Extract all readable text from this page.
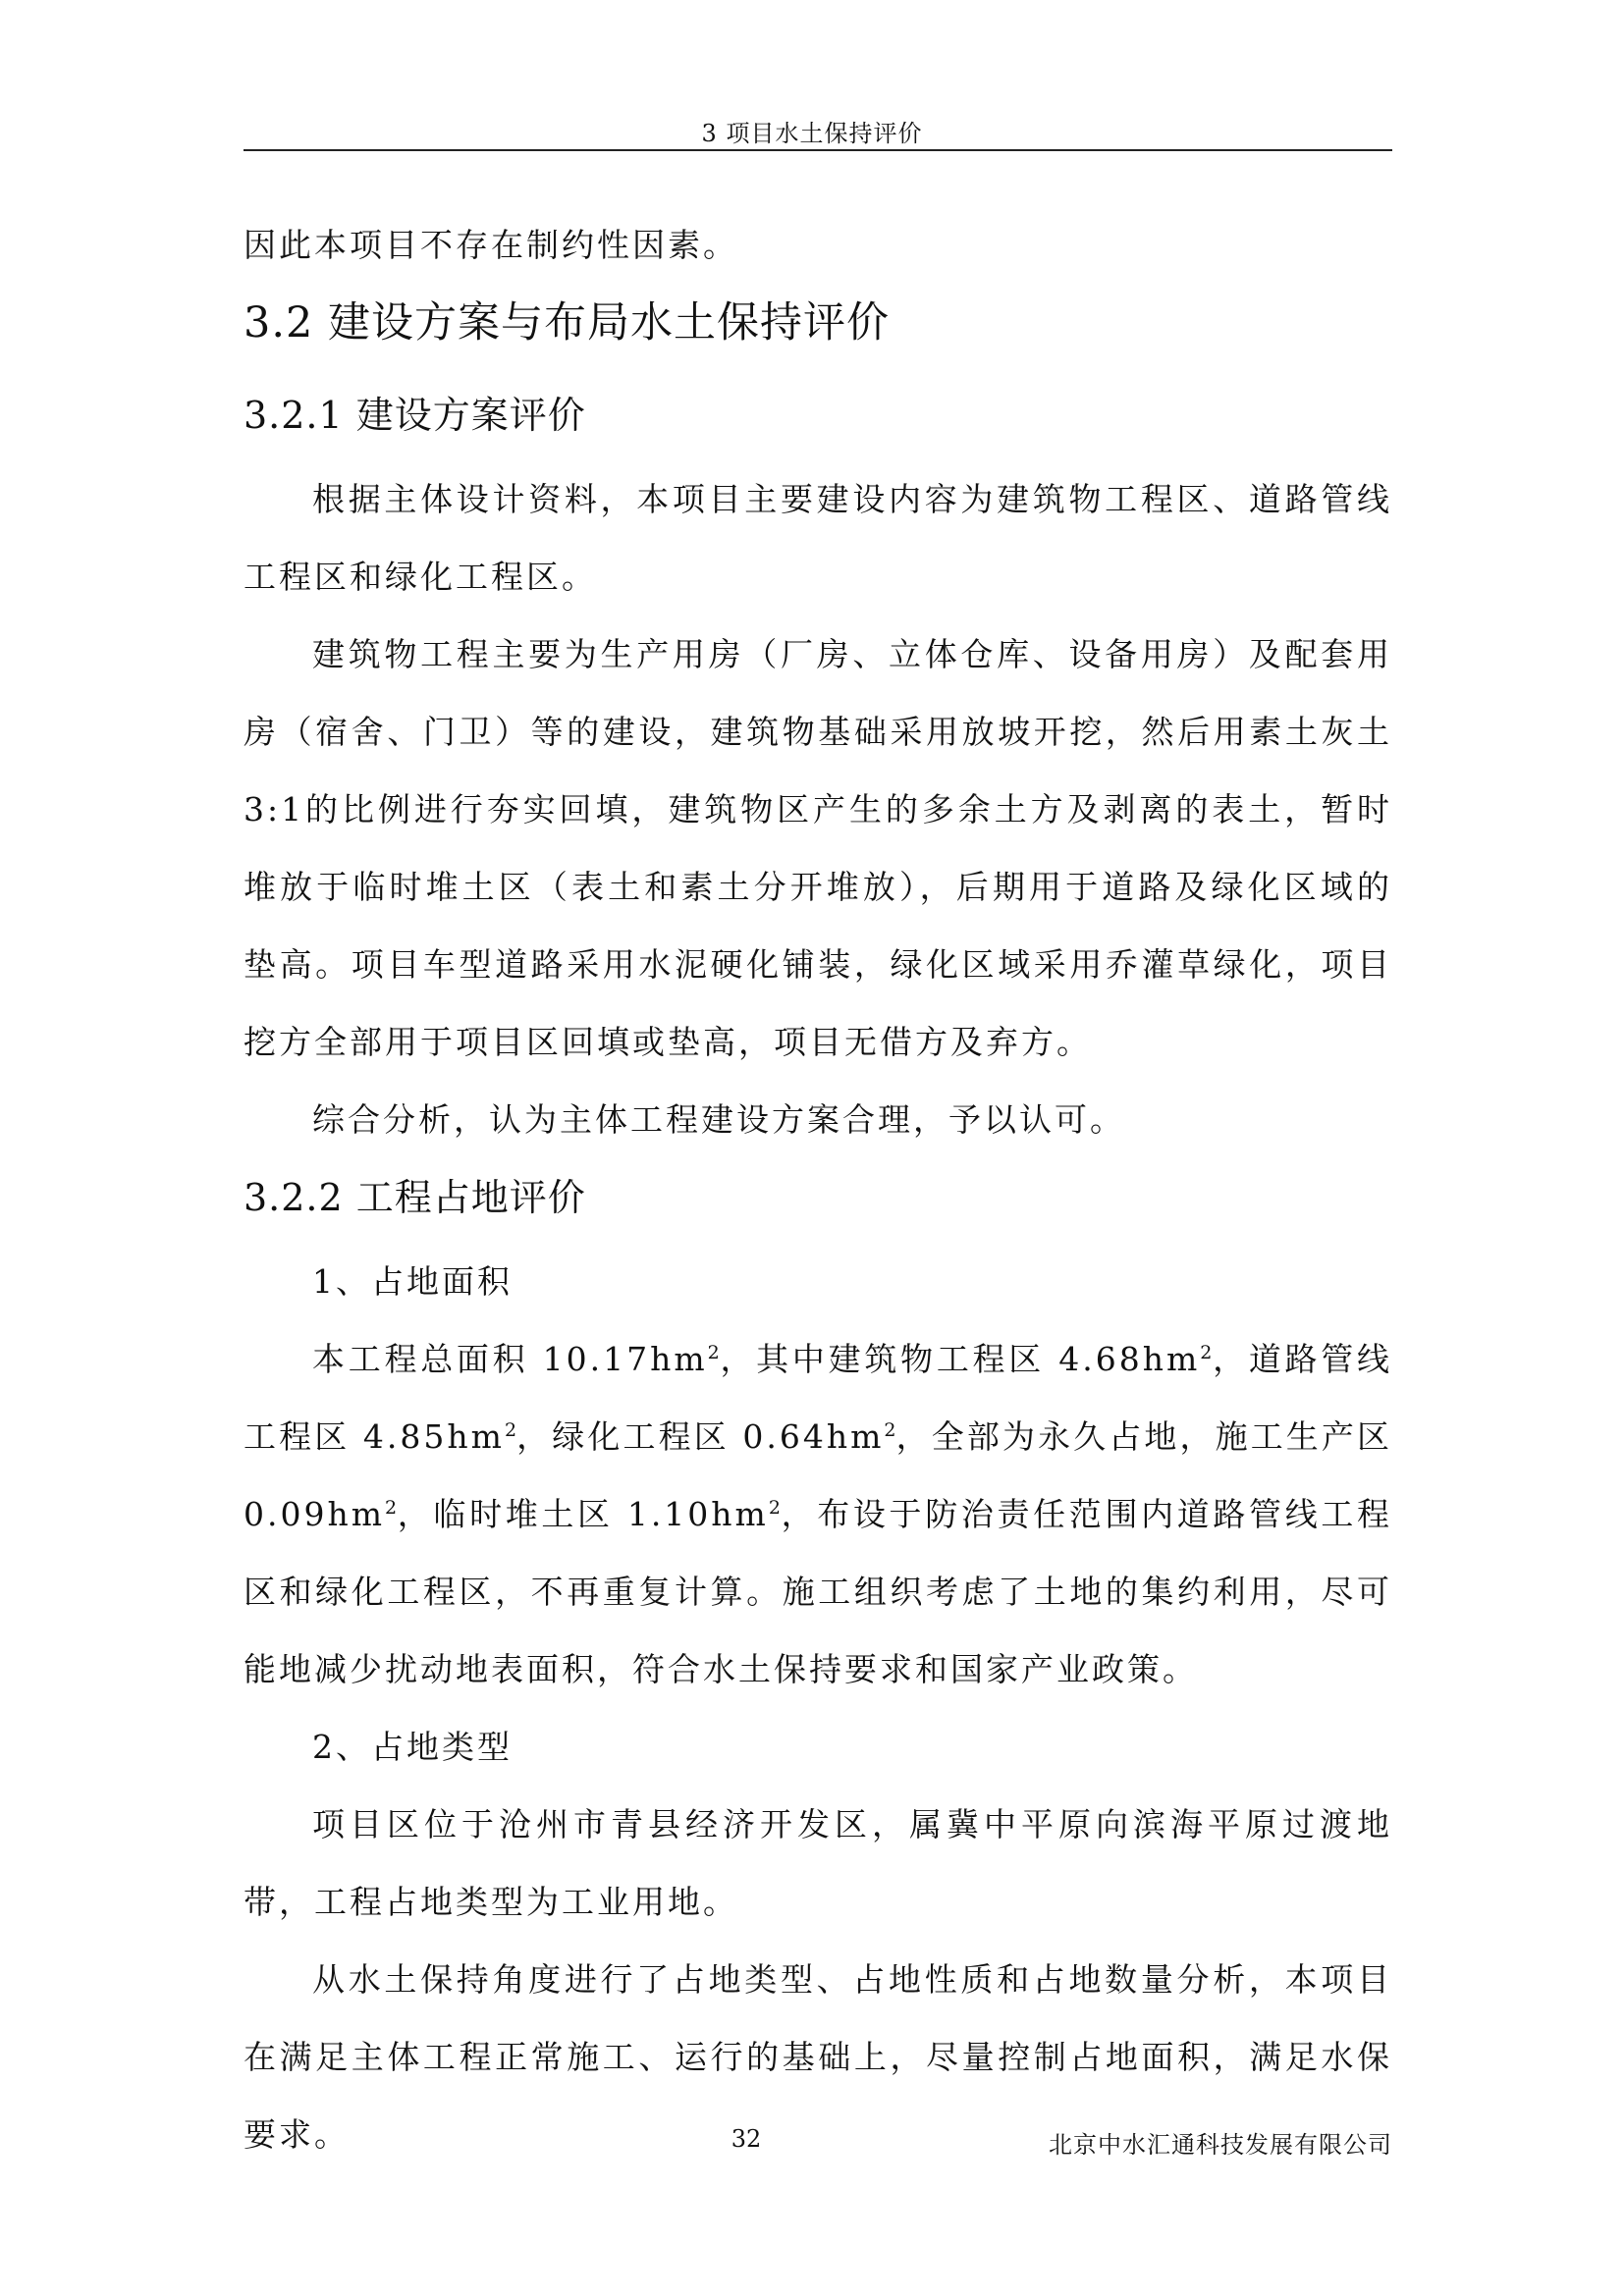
3 项目水土保持评价

因此本项目不存在制约性因素。

3.2 建设方案与布局水土保持评价
3.2.1 建设方案评价

根据主体设计资料，本项目主要建设内容为建筑物工程区、道路管线工程区和绿化工程区。

建筑物工程主要为生产用房（厂房、立体仓库、设备用房）及配套用房（宿舍、门卫）等的建设，建筑物基础采用放坡开挖，然后用素土灰土3:1的比例进行夯实回填，建筑物区产生的多余土方及剥离的表土，暂时堆放于临时堆土区（表土和素土分开堆放），后期用于道路及绿化区域的垫高。项目车型道路采用水泥硬化铺装，绿化区域采用乔灌草绿化，项目挖方全部用于项目区回填或垫高，项目无借方及弃方。

综合分析，认为主体工程建设方案合理，予以认可。

3.2.2 工程占地评价

1、占地面积

本工程总面积 $10.17hm^2$，其中建筑物工程区 $4.68hm^2$，道路管线工程区 $4.85hm^2$，绿化工程区 $0.64hm^2$，全部为永久占地，施工生产区 $0.09hm^2$，临时堆土区 $1.10hm^2$，布设于防治责任范围内道路管线工程区和绿化工程区，不再重复计算。施工组织考虑了土地的集约利用，尽可能地减少扰动地表面积，符合水土保持要求和国家产业政策。

2、占地类型

项目区位于沧州市青县经济开发区，属冀中平原向滨海平原过渡地带，工程占地类型为工业用地。

从水土保持角度进行了占地类型、占地性质和占地数量分析，本项目在满足主体工程正常施工、运行的基础上，尽量控制占地面积，满足水保要求。	32	北京中水汇通科技发展有限公司
